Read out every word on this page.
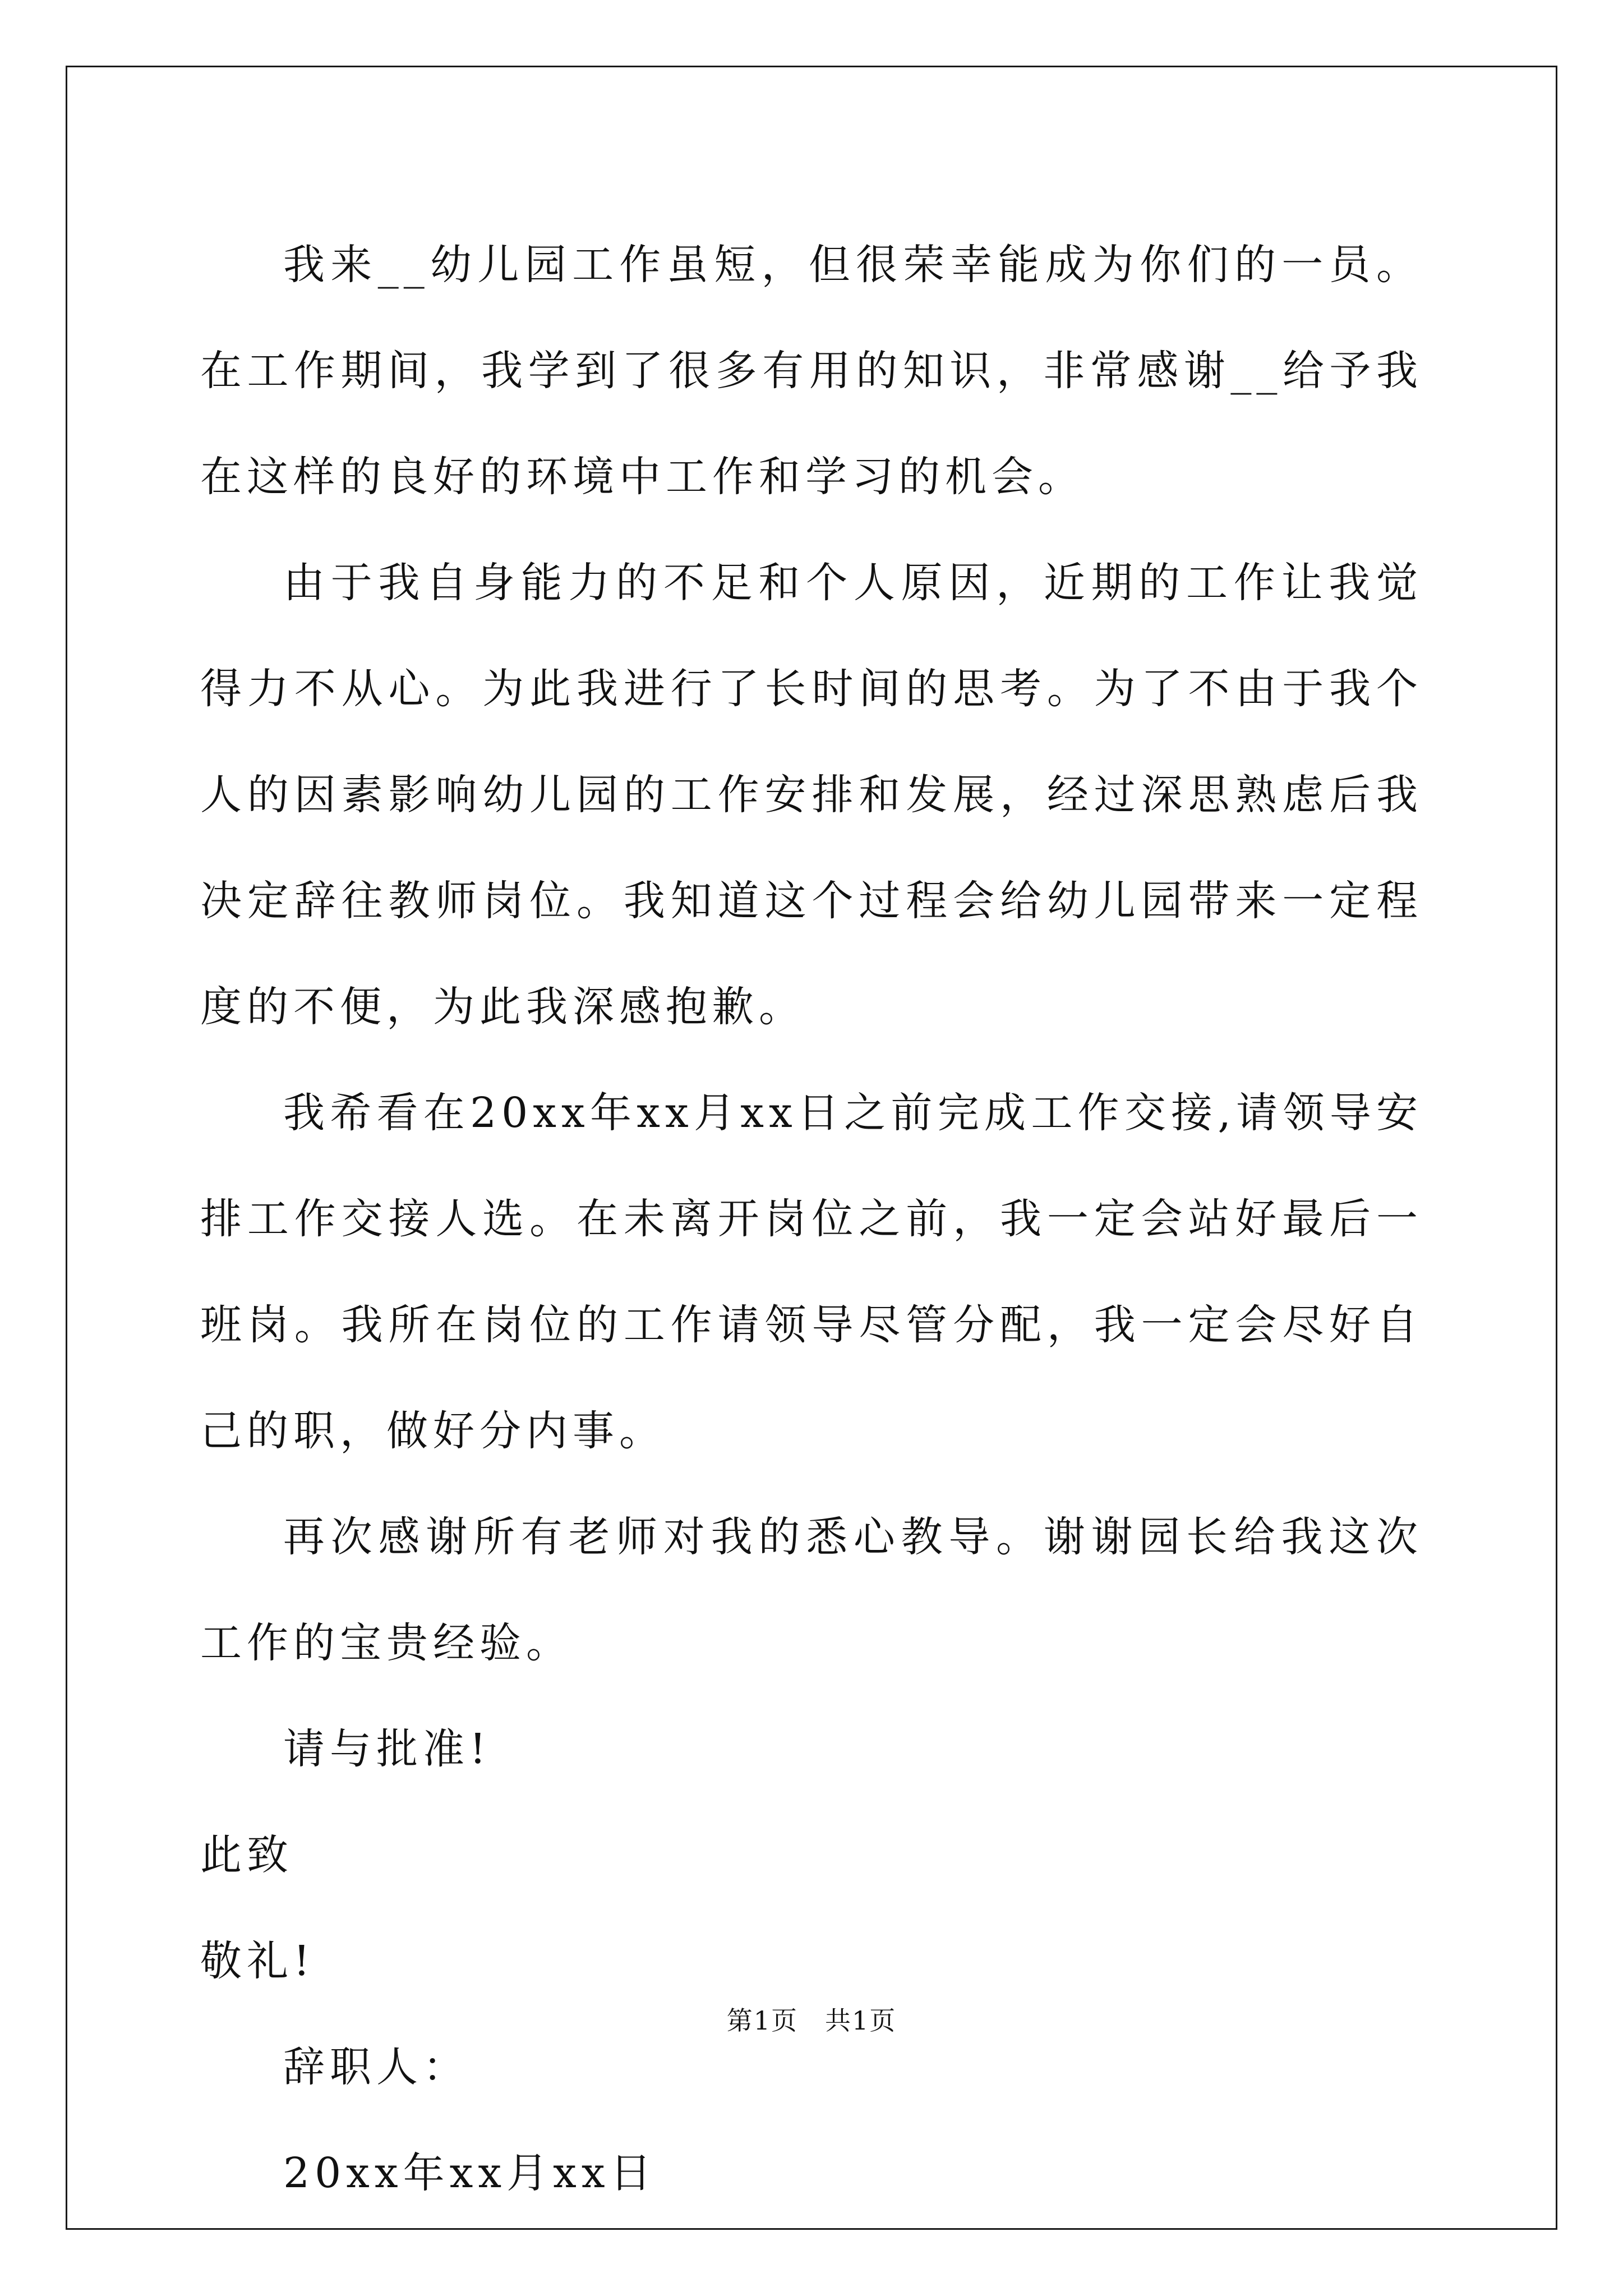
我来__幼儿园工作虽短，但很荣幸能成为你们的一员。在工作期间，我学到了很多有用的知识，非常感谢__给予我在这样的良好的环境中工作和学习的机会。

由于我自身能力的不足和个人原因，近期的工作让我觉得力不从心。为此我进行了长时间的思考。为了不由于我个人的因素影响幼儿园的工作安排和发展，经过深思熟虑后我决定辞往教师岗位。我知道这个过程会给幼儿园带来一定程度的不便，为此我深感抱歉。

我希看在20xx年xx月xx日之前完成工作交接,请领导安排工作交接人选。在未离开岗位之前，我一定会站好最后一班岗。我所在岗位的工作请领导尽管分配，我一定会尽好自己的职，做好分内事。

再次感谢所有老师对我的悉心教导。谢谢园长给我这次工作的宝贵经验。

请与批准!

此致

敬礼!

辞职人：

20xx年xx月xx日

第1页　共1页
